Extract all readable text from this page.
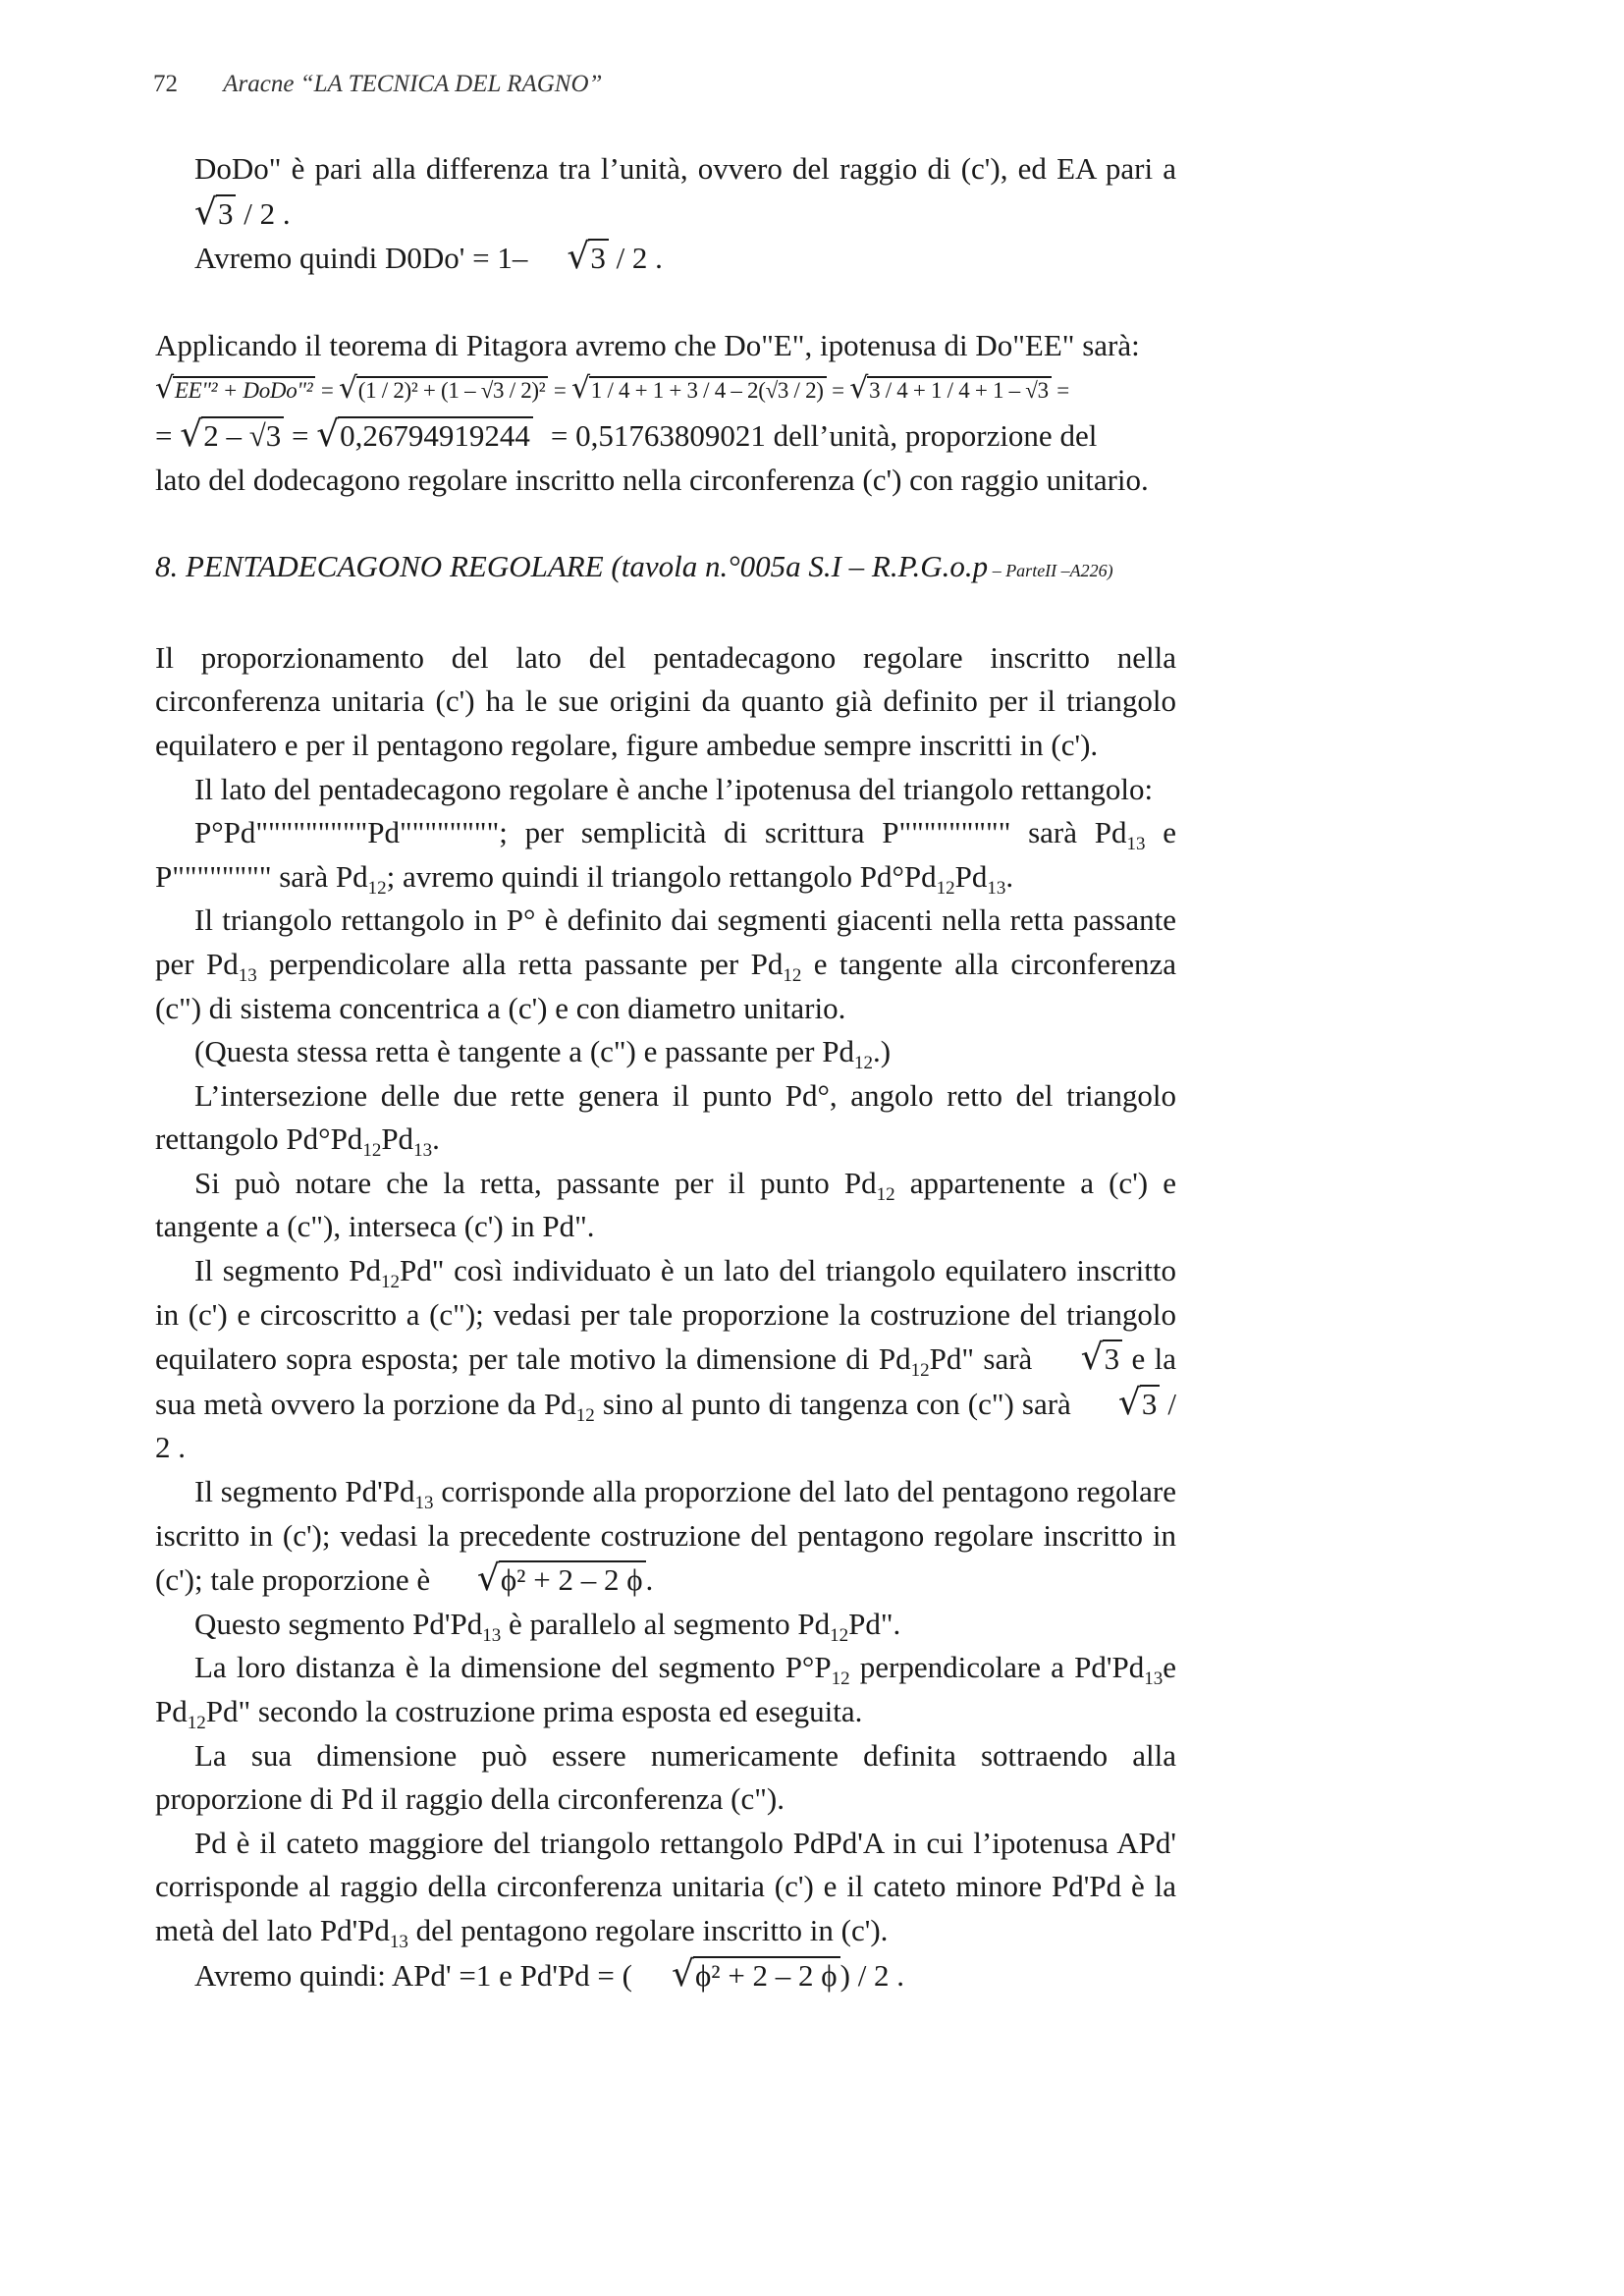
72 Aracne “LA TECNICA DEL RAGNO”

DoDo" è pari alla differenza tra l’unità, ovvero del raggio di (c'), ed EA pari a √3 / 2 .

Avremo quindi D0Do' = 1– √3 / 2 .

Applicando il teorema di Pitagora avremo che Do"E", ipotenusa di Do"EE" sarà:

√EE"² + DoDo"² = √(1 / 2)² + (1 – √3 / 2)² = √1 / 4 + 1 + 3 / 4 – 2(√3 / 2) = √3 / 4 + 1 / 4 + 1 – √3 =

= √2 – √3 = √0,26794919244 = 0,51763809021 dell’unità, proporzione del

lato del dodecagono regolare inscritto nella circonferenza (c') con raggio unitario.

8. PENTADECAGONO REGOLARE (tavola n.°005a S.I – R.P.G.o.p – ParteII –A226)

Il proporzionamento del lato del pentadecagono regolare inscritto nella circonferenza unitaria (c') ha le sue origini da quanto già definito per il triangolo equilatero e per il pentagono regolare, figure ambedue sempre inscritti in (c').

Il lato del pentadecagono regolare è anche l’ipotenusa del triangolo rettangolo:

P°Pd"""""""""Pd""""""""; per semplicità di scrittura P""""""""" sarà $Pd_{13}$ e P"""""""" sarà $Pd_{12}$; avremo quindi il triangolo rettangolo $Pd^\circ Pd_{12}Pd_{13}$.

Il triangolo rettangolo in P° è definito dai segmenti giacenti nella retta passante per $Pd_{13}$ perpendicolare alla retta passante per $Pd_{12}$ e tangente alla circonferenza (c") di sistema concentrica a (c') e con diametro unitario.

(Questa stessa retta è tangente a (c") e passante per $Pd_{12}$.)

L’intersezione delle due rette genera il punto Pd°, angolo retto del triangolo rettangolo $Pd^\circ Pd_{12}Pd_{13}$.

Si può notare che la retta, passante per il punto $Pd_{12}$ appartenente a (c') e tangente a (c"), interseca (c') in Pd".

Il segmento $Pd_{12}Pd$" così individuato è un lato del triangolo equilatero inscritto in (c') e circoscritto a (c"); vedasi per tale proporzione la costruzione del triangolo equilatero sopra esposta; per tale motivo la dimensione di $Pd_{12}Pd$" sarà √3 e la sua metà ovvero la porzione da $Pd_{12}$ sino al punto di tangenza con (c") sarà √3 / 2 .

Il segmento $Pd'Pd_{13}$ corrisponde alla proporzione del lato del pentagono regolare iscritto in (c'); vedasi la precedente costruzione del pentagono regolare inscritto in (c'); tale proporzione è √ϕ² + 2 – 2 ϕ.

Questo segmento $Pd'Pd_{13}$ è parallelo al segmento $Pd_{12}Pd$".

La loro distanza è la dimensione del segmento $P^\circ P_{12}$ perpendicolare a $Pd'Pd_{13}e$ $Pd_{12}Pd$" secondo la costruzione prima esposta ed eseguita.

La sua dimensione può essere numericamente definita sottraendo alla proporzione di Pd il raggio della circonferenza (c").

Pd è il cateto maggiore del triangolo rettangolo PdPd'A in cui l’ipotenusa APd' corrisponde al raggio della circonferenza unitaria (c') e il cateto minore Pd'Pd è la metà del lato $Pd'Pd_{13}$ del pentagono regolare inscritto in (c').

Avremo quindi: APd' =1 e Pd'Pd = ( √ϕ² + 2 – 2 ϕ) / 2 .
